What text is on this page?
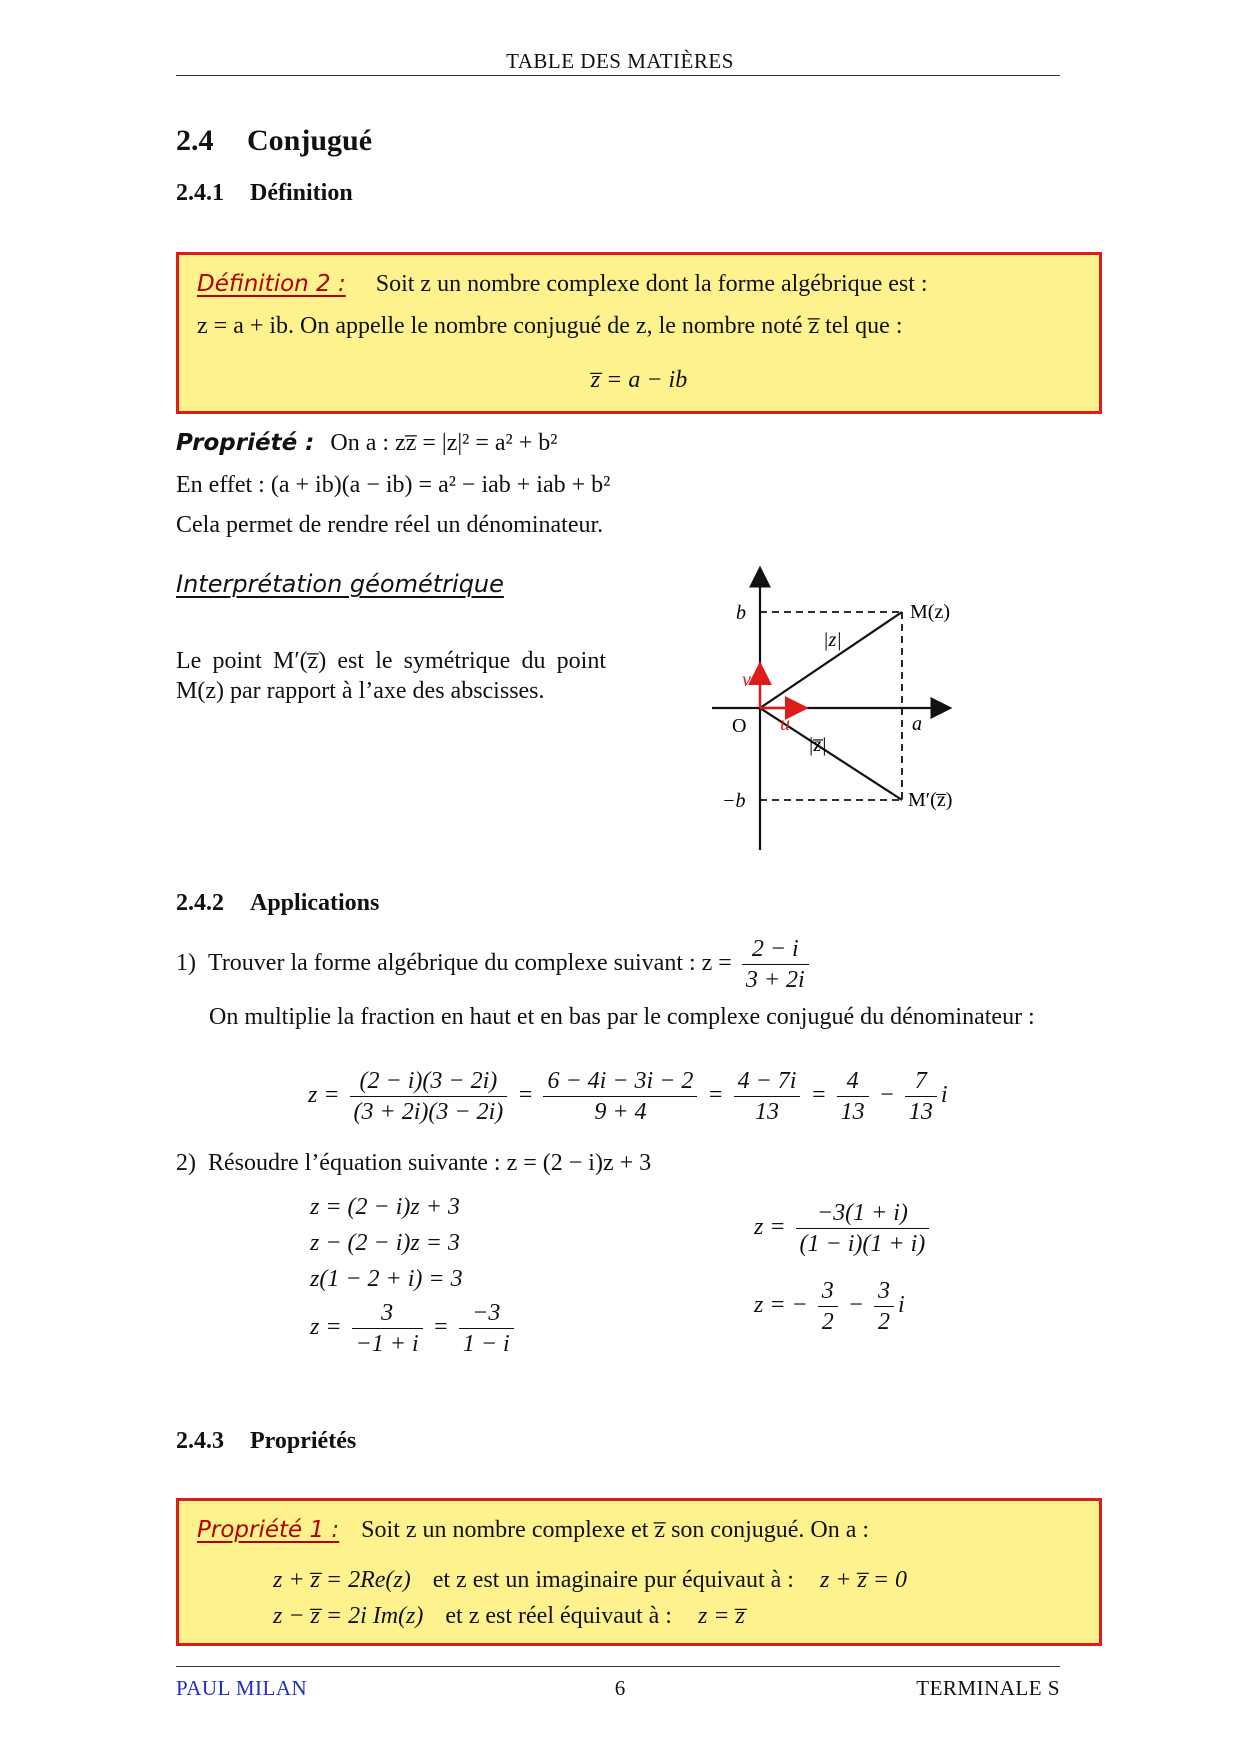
TABLE DES MATIÈRES
2.4 Conjugué
2.4.1 Définition
Définition 2 : Soit z un nombre complexe dont la forme algébrique est :
z = a + ib. On appelle le nombre conjugué de z, le nombre noté z̅ tel que :
z̅ = a − ib
Propriété : On a : zz̅ = |z|² = a² + b²
En effet : (a + ib)(a − ib) = a² − iab + iab + b²
Cela permet de rendre réel un dénominateur.
Interprétation géométrique
Le point M′(z̅) est le symétrique du point M(z) par rapport à l’axe des abscisses.
b
−b
O	a
M(z)
M′(z̅)
|z|
|z̅|
u⃗
v⃗
2.4.2 Applications
1) Trouver la forme algébrique du complexe suivant : $z = \frac{2 - i}{3 + 2i}$
On multiplie la fraction en haut et en bas par le complexe conjugué du dénominateur :
$z = \frac{(2 - i)(3 - 2i)}{(3 + 2i)(3 - 2i)} = \frac{6 - 4i - 3i - 2}{9 + 4} = \frac{4 - 7i}{13} = \frac{4}{13} - \frac{7}{13}$ i
2) Résoudre l’équation suivante : z = (2 − i)z + 3
z = (2 − i)z + 3
z − (2 − i)z = 3
z(1 − 2 + i) = 3
$z = \frac{3}{-1 + i} = \frac{-3}{1 - i}$
$z = \frac{-3(1 + i)}{(1 - i)(1 + i)}$
z = − $\frac{3}{2} - \frac{3}{2}$ i
2.4.3 Propriétés
Propriété 1 : Soit z un nombre complexe et z̅ son conjugué. On a :
z + z̅ = 2Re(z) et z est un imaginaire pur équivaut à : z + z̅ = 0
z − z̅ = 2i Im(z) et z est réel équivaut à : z = z̅
PAUL MILAN	6	TERMINALE S
